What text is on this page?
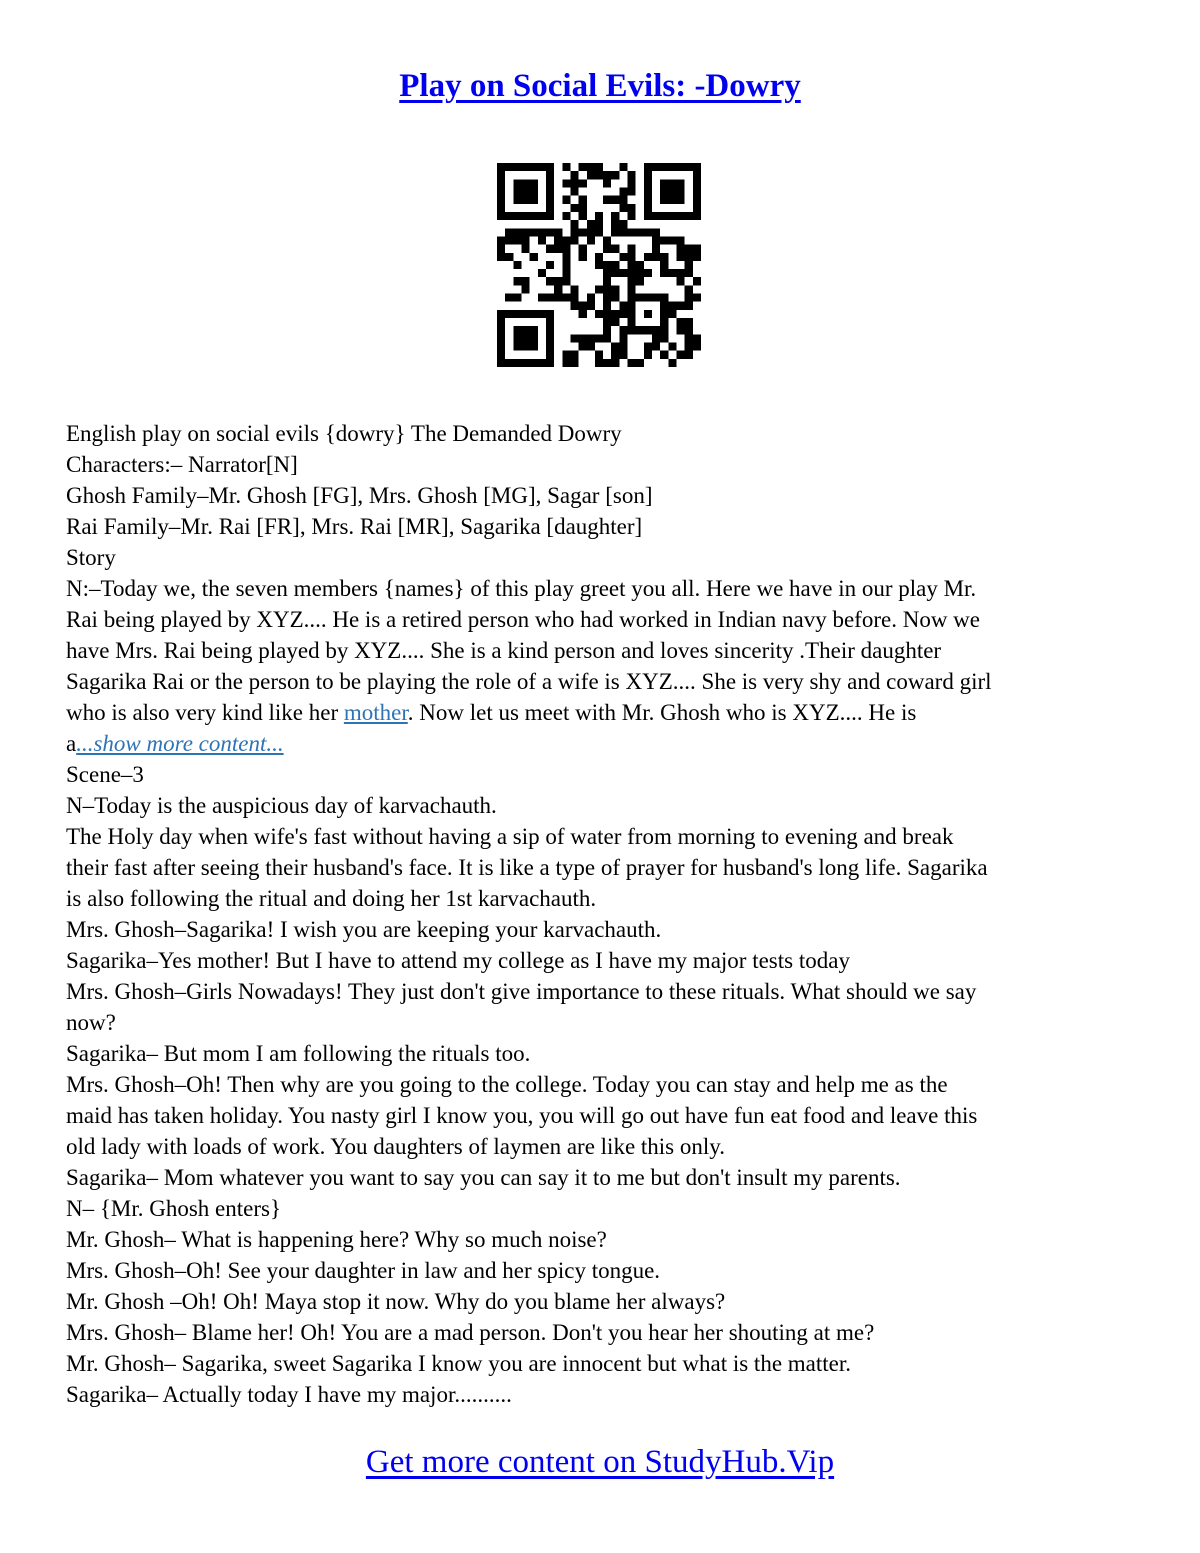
Play on Social Evils: -Dowry
English play on social evils {dowry} The Demanded Dowry
Characters:– Narrator[N]
Ghosh Family–Mr. Ghosh [FG], Mrs. Ghosh [MG], Sagar [son]
Rai Family–Mr. Rai [FR], Mrs. Rai [MR], Sagarika [daughter]
Story
N:–Today we, the seven members {names} of this play greet you all. Here we have in our play Mr.
Rai being played by XYZ.... He is a retired person who had worked in Indian navy before. Now we
have Mrs. Rai being played by XYZ.... She is a kind person and loves sincerity .Their daughter
Sagarika Rai or the person to be playing the role of a wife is XYZ.... She is very shy and coward girl
who is also very kind like her mother. Now let us meet with Mr. Ghosh who is XYZ.... He is
a...show more content...
Scene–3
N–Today is the auspicious day of karvachauth.
The Holy day when wife's fast without having a sip of water from morning to evening and break
their fast after seeing their husband's face. It is like a type of prayer for husband's long life. Sagarika
is also following the ritual and doing her 1st karvachauth.
Mrs. Ghosh–Sagarika! I wish you are keeping your karvachauth.
Sagarika–Yes mother! But I have to attend my college as I have my major tests today
Mrs. Ghosh–Girls Nowadays! They just don't give importance to these rituals. What should we say
now?
Sagarika– But mom I am following the rituals too.
Mrs. Ghosh–Oh! Then why are you going to the college. Today you can stay and help me as the
maid has taken holiday. You nasty girl I know you, you will go out have fun eat food and leave this
old lady with loads of work. You daughters of laymen are like this only.
Sagarika– Mom whatever you want to say you can say it to me but don't insult my parents.
N– {Mr. Ghosh enters}
Mr. Ghosh– What is happening here? Why so much noise?
Mrs. Ghosh–Oh! See your daughter in law and her spicy tongue.
Mr. Ghosh –Oh! Oh! Maya stop it now. Why do you blame her always?
Mrs. Ghosh– Blame her! Oh! You are a mad person. Don't you hear her shouting at me?
Mr. Ghosh– Sagarika, sweet Sagarika I know you are innocent but what is the matter.
Sagarika– Actually today I have my major..........
Get more content on StudyHub.Vip
